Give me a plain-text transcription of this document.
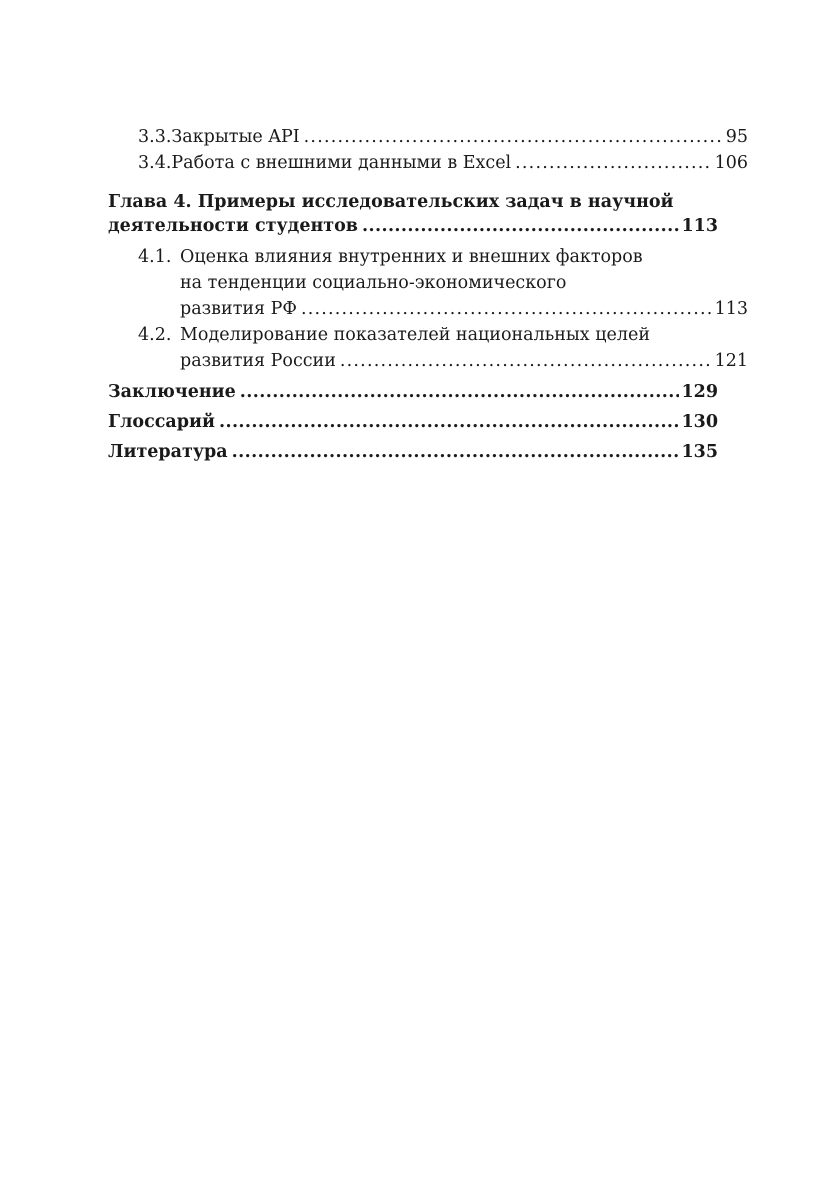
3.3. Закрытые API .....	95
3.4. Работа с внешними данными в Excel .....	106
Глава 4. Примеры исследовательских задач в научной
деятельности студентов .....	113
4.1. Оценка влияния внутренних и внешних факторов
на тенденции социально-экономического
развития РФ .....	113
4.2. Моделирование показателей национальных целей
развития России .....	121
Заключение .....	129
Глоссарий .....	130
Литература .....	135
